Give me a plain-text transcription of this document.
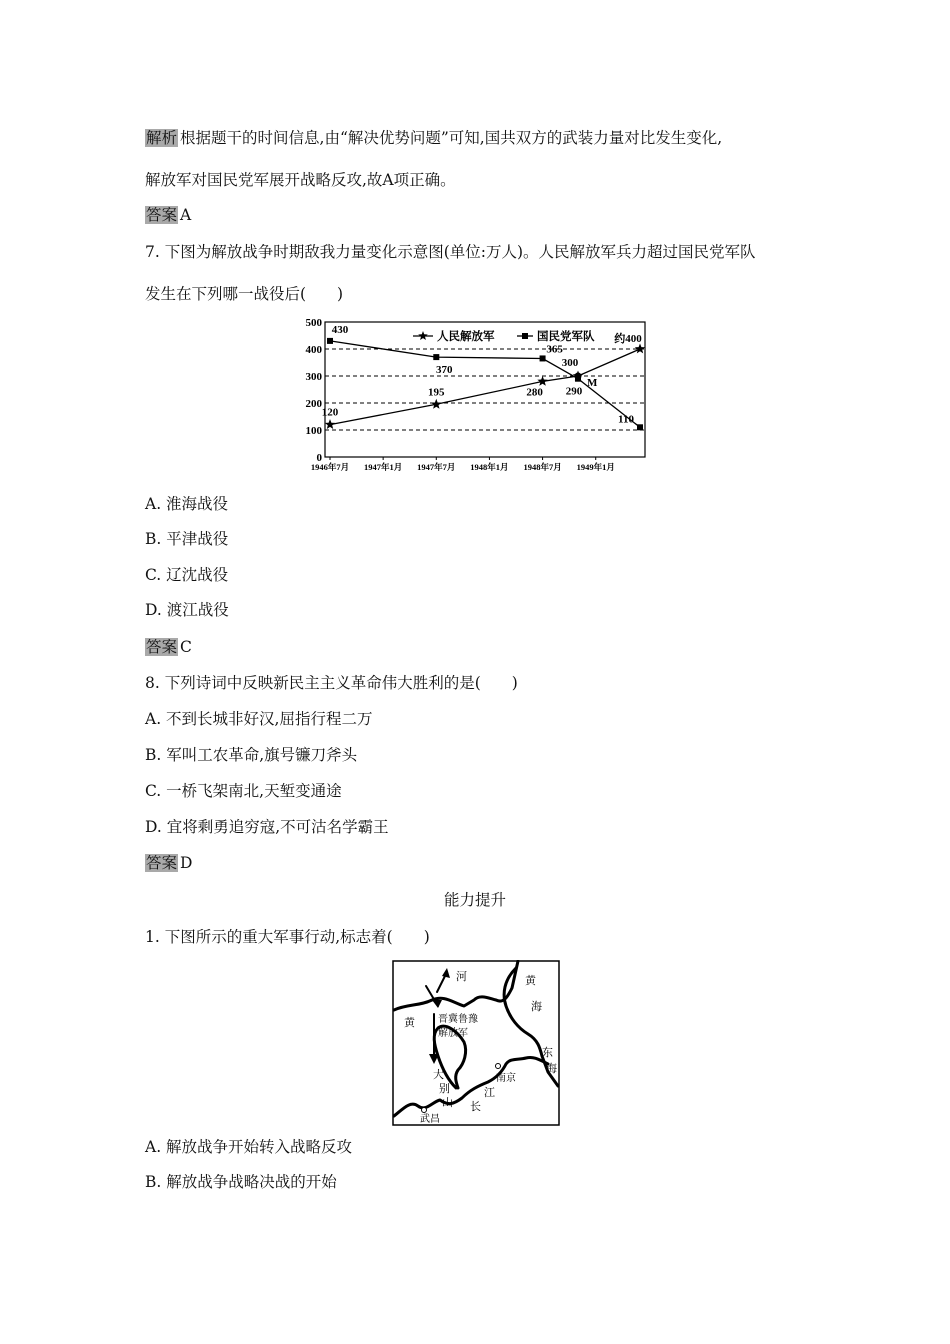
解析 根据题干的时间信息,由“解决优势问题”可知,国共双方的武装力量对比发生变化,
解放军对国民党军展开战略反攻,故A项正确。
答案 A
7. 下图为解放战争时期敌我力量变化示意图(单位:万人)。人民解放军兵力超过国民党军队
发生在下列哪一战役后(　　)
0
100
200
300
400
500
1946年7月 1947年1月 1947年7月 1948年1月 1948年7月 1949年1月
430
370
365
290
110
120
195	280
300
约400
M
人民解放军	国民党军队
A. 淮海战役
B. 平津战役
C. 辽沈战役
D. 渡江战役
答案 C
8. 下列诗词中反映新民主主义革命伟大胜利的是(　　)
A. 不到长城非好汉,屈指行程二万
B. 军叫工农革命,旗号镰刀斧头
C. 一桥飞架南北,天堑变通途
D. 宜将剩勇追穷寇,不可沽名学霸王
答案 D
能力提升
1. 下图所示的重大军事行动,标志着(　　)
河	黄
海
黄 晋冀鲁豫
解放军
大
别
山
南京
江
长
东
海
武昌
A. 解放战争开始转入战略反攻
B. 解放战争战略决战的开始
